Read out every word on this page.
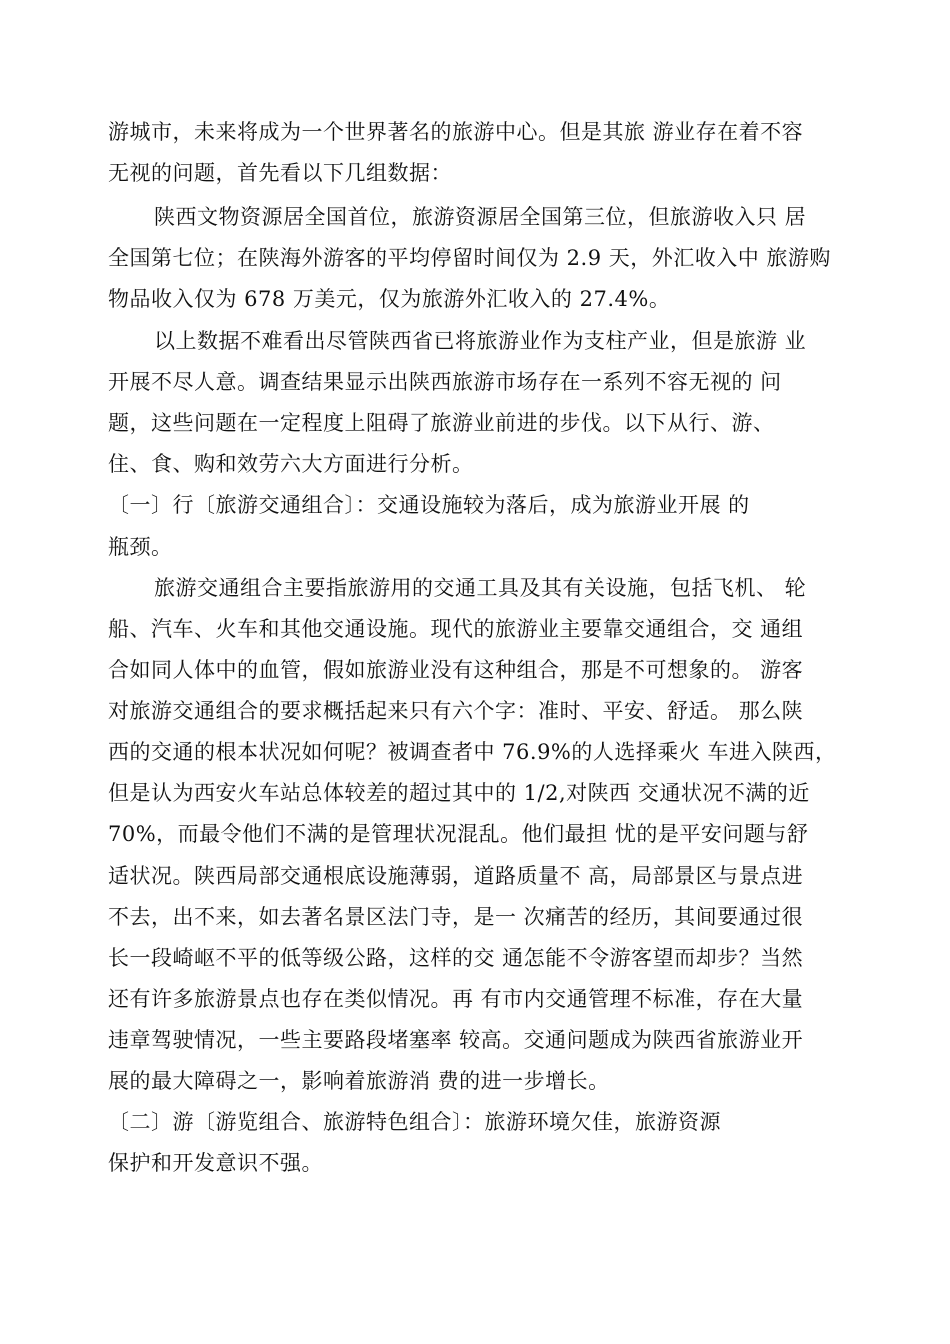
游城市，未来将成为一个世界著名的旅游中心。但是其旅 游业存在着不容
无视的问题，首先看以下几组数据：
陕西文物资源居全国首位，旅游资源居全国第三位，但旅游收入只 居
全国第七位；在陕海外游客的平均停留时间仅为 2.9 天，外汇收入中 旅游购
物品收入仅为 678 万美元，仅为旅游外汇收入的 27.4%。
以上数据不难看出尽管陕西省已将旅游业作为支柱产业，但是旅游 业
开展不尽人意。调查结果显示出陕西旅游市场存在一系列不容无视的 问
题，这些问题在一定程度上阻碍了旅游业前进的步伐。以下从行、游、
住、食、购和效劳六大方面进行分析。
〔一〕行〔旅游交通组合〕：交通设施较为落后，成为旅游业开展 的
瓶颈。
旅游交通组合主要指旅游用的交通工具及其有关设施，包括飞机、 轮
船、汽车、火车和其他交通设施。现代的旅游业主要靠交通组合，交 通组
合如同人体中的血管，假如旅游业没有这种组合，那是不可想象的。 游客
对旅游交通组合的要求概括起来只有六个字：准时、平安、舒适。 那么陕
西的交通的根本状况如何呢？被调查者中 76.9%的人选择乘火 车进入陕西，
但是认为西安火车站总体较差的超过其中的 1/2,对陕西 交通状况不满的近
70%，而最令他们不满的是管理状况混乱。他们最担 忧的是平安问题与舒
适状况。陕西局部交通根底设施薄弱，道路质量不 高，局部景区与景点进
不去，出不来，如去著名景区法门寺，是一 次痛苦的经历，其间要通过很
长一段崎岖不平的低等级公路，这样的交 通怎能不令游客望而却步？当然
还有许多旅游景点也存在类似情况。再 有市内交通管理不标准，存在大量
违章驾驶情况，一些主要路段堵塞率 较高。交通问题成为陕西省旅游业开
展的最大障碍之一，影响着旅游消 费的进一步增长。
〔二〕游〔游览组合、旅游特色组合〕：旅游环境欠佳，旅游资源
保护和开发意识不强。
